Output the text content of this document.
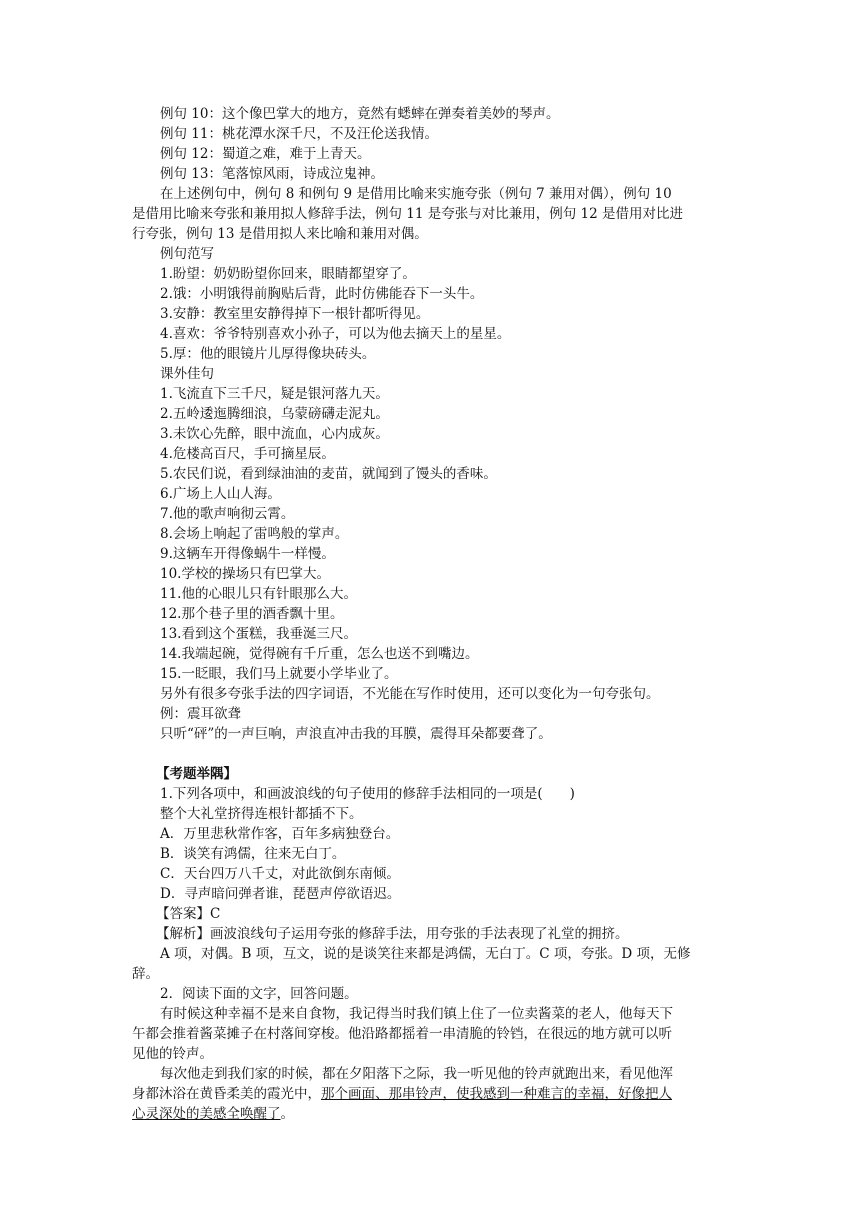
例句 10：这个像巴掌大的地方，竟然有蟋蟀在弹奏着美妙的琴声。
例句 11：桃花潭水深千尺，不及汪伦送我情。
例句 12：蜀道之难，难于上青天。
例句 13：笔落惊风雨，诗成泣鬼神。
在上述例句中，例句 8 和例句 9 是借用比喻来实施夸张（例句 7 兼用对偶），例句 10
是借用比喻来夸张和兼用拟人修辞手法，例句 11 是夸张与对比兼用，例句 12 是借用对比进
行夸张，例句 13 是借用拟人来比喻和兼用对偶。
例句范写
1.盼望：奶奶盼望你回来，眼睛都望穿了。
2.饿：小明饿得前胸贴后背，此时仿佛能吞下一头牛。
3.安静：教室里安静得掉下一根针都听得见。
4.喜欢：爷爷特别喜欢小孙子，可以为他去摘天上的星星。
5.厚：他的眼镜片儿厚得像块砖头。
课外佳句
1.飞流直下三千尺，疑是银河落九天。
2.五岭逶迤腾细浪，乌蒙磅礴走泥丸。
3.未饮心先醉，眼中流血，心内成灰。
4.危楼高百尺，手可摘星辰。
5.农民们说，看到绿油油的麦苗，就闻到了馒头的香味。
6.广场上人山人海。
7.他的歌声响彻云霄。
8.会场上响起了雷鸣般的掌声。
9.这辆车开得像蜗牛一样慢。
10.学校的操场只有巴掌大。
11.他的心眼儿只有针眼那么大。
12.那个巷子里的酒香飘十里。
13.看到这个蛋糕，我垂涎三尺。
14.我端起碗，觉得碗有千斤重，怎么也送不到嘴边。
15.一眨眼，我们马上就要小学毕业了。
另外有很多夸张手法的四字词语，不光能在写作时使用，还可以变化为一句夸张句。
例：震耳欲聋
只听“砰”的一声巨响，声浪直冲击我的耳膜，震得耳朵都要聋了。
【考题举隅】
1.下列各项中，和画波浪线的句子使用的修辞手法相同的一项是(　　)
整个大礼堂挤得连根针都插不下。
A．万里悲秋常作客，百年多病独登台。
B．谈笑有鸿儒，往来无白丁。
C．天台四万八千丈，对此欲倒东南倾。
D．寻声暗问弹者谁，琵琶声停欲语迟。
【答案】C
【解析】画波浪线句子运用夸张的修辞手法，用夸张的手法表现了礼堂的拥挤。
A 项，对偶。B 项，互文，说的是谈笑往来都是鸿儒，无白丁。C 项，夸张。D 项，无修
辞。
2．阅读下面的文字，回答问题。
有时候这种幸福不是来自食物，我记得当时我们镇上住了一位卖酱菜的老人，他每天下
午都会推着酱菜摊子在村落间穿梭。他沿路都摇着一串清脆的铃铛，在很远的地方就可以听
见他的铃声。
每次他走到我们家的时候，都在夕阳落下之际，我一听见他的铃声就跑出来，看见他浑
身都沐浴在黄昏柔美的霞光中，那个画面、那串铃声，使我感到一种难言的幸福，好像把人
心灵深处的美感全唤醒了。
